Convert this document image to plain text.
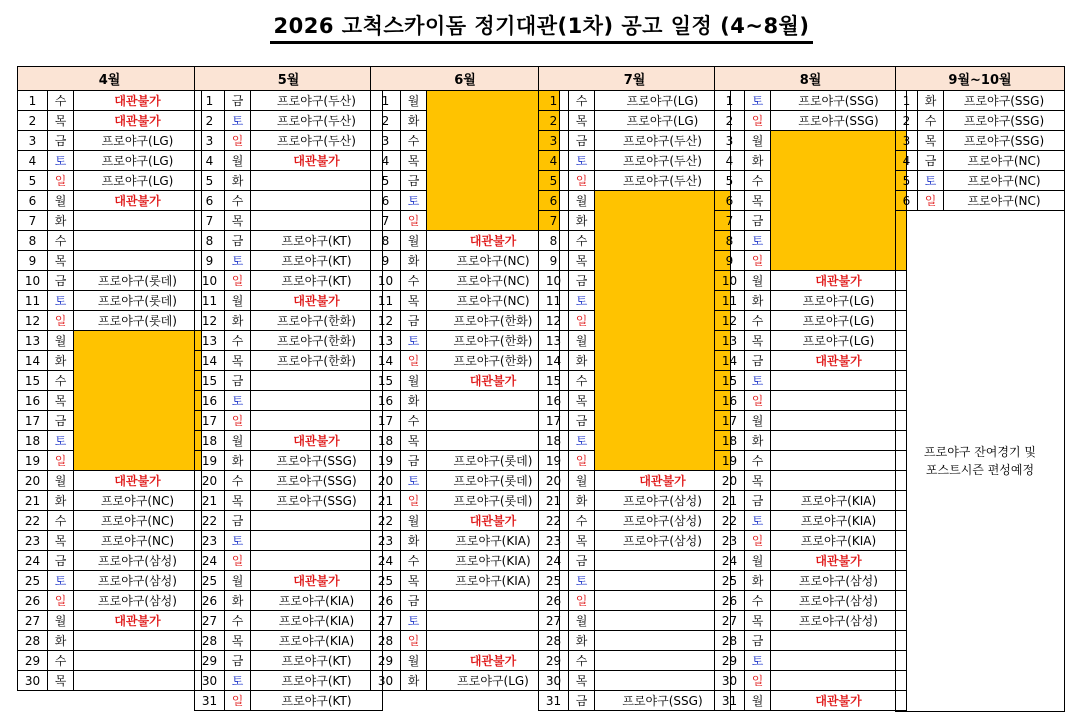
2026 고척스카이돔 정기대관(1차) 공고 일정 (4~8월)
4월		
1	수	대관불가
2	목	대관불가
3	금	프로야구(LG)
4	토	프로야구(LG)
5	일	프로야구(LG)
6	월	대관불가
7	화	
8	수	
9	목	
10	금	프로야구(롯데)
11	토	프로야구(롯데)
12	일	프로야구(롯데)
13	월	
14	화	
15	수	
16	목	
17	금	
18	토	
19	일	
20	월	대관불가
21	화	프로야구(NC)
22	수	프로야구(NC)
23	목	프로야구(NC)
24	금	프로야구(삼성)
25	토	프로야구(삼성)
26	일	프로야구(삼성)
27	월	대관불가
28	화	
29	수	
30	목	
5월		
1	금	프로야구(두산)
2	토	프로야구(두산)
3	일	프로야구(두산)
4	월	대관불가
5	화	
6	수	
7	목	
8	금	프로야구(KT)
9	토	프로야구(KT)
10	일	프로야구(KT)
11	월	대관불가
12	화	프로야구(한화)
13	수	프로야구(한화)
14	목	프로야구(한화)
15	금	
16	토	
17	일	
18	월	대관불가
19	화	프로야구(SSG)
20	수	프로야구(SSG)
21	목	프로야구(SSG)
22	금	
23	토	
24	일	
25	월	대관불가
26	화	프로야구(KIA)
27	수	프로야구(KIA)
28	목	프로야구(KIA)
29	금	프로야구(KT)
30	토	프로야구(KT)
31	일	프로야구(KT)
6월		
1	월	
2	화	
3	수	
4	목	
5	금	
6	토	
7	일	
8	월	대관불가
9	화	프로야구(NC)
10	수	프로야구(NC)
11	목	프로야구(NC)
12	금	프로야구(한화)
13	토	프로야구(한화)
14	일	프로야구(한화)
15	월	대관불가
16	화	
17	수	
18	목	
19	금	프로야구(롯데)
20	토	프로야구(롯데)
21	일	프로야구(롯데)
22	월	대관불가
23	화	프로야구(KIA)
24	수	프로야구(KIA)
25	목	프로야구(KIA)
26	금	
27	토	
28	일	
29	월	대관불가
30	화	프로야구(LG)
7월		
1	수	프로야구(LG)
2	목	프로야구(LG)
3	금	프로야구(두산)
4	토	프로야구(두산)
5	일	프로야구(두산)
6	월	
7	화	
8	수	
9	목	
10	금	
11	토	
12	일	
13	월	
14	화	
15	수	
16	목	
17	금	
18	토	
19	일	
20	월	대관불가
21	화	프로야구(삼성)
22	수	프로야구(삼성)
23	목	프로야구(삼성)
24	금	
25	토	
26	일	
27	월	
28	화	
29	수	
30	목	
31	금	프로야구(SSG)
8월		
1	토	프로야구(SSG)
2	일	프로야구(SSG)
3	월	
4	화	
5	수	
6	목	
7	금	
8	토	
9	일	
10	월	대관불가
11	화	프로야구(LG)
12	수	프로야구(LG)
13	목	프로야구(LG)
14	금	대관불가
15	토	
16	일	
17	월	
18	화	
19	수	
20	목	
21	금	프로야구(KIA)
22	토	프로야구(KIA)
23	일	프로야구(KIA)
24	월	대관불가
25	화	프로야구(삼성)
26	수	프로야구(삼성)
27	목	프로야구(삼성)
28	금	
29	토	
30	일	
31	월	대관불가
9월~10월		
1	화	프로야구(SSG)
2	수	프로야구(SSG)
3	목	프로야구(SSG)
4	금	프로야구(NC)
5	토	프로야구(NC)
6	일	프로야구(NC)

프로야구 잔여경기 및
포스트시즌 편성예정		
